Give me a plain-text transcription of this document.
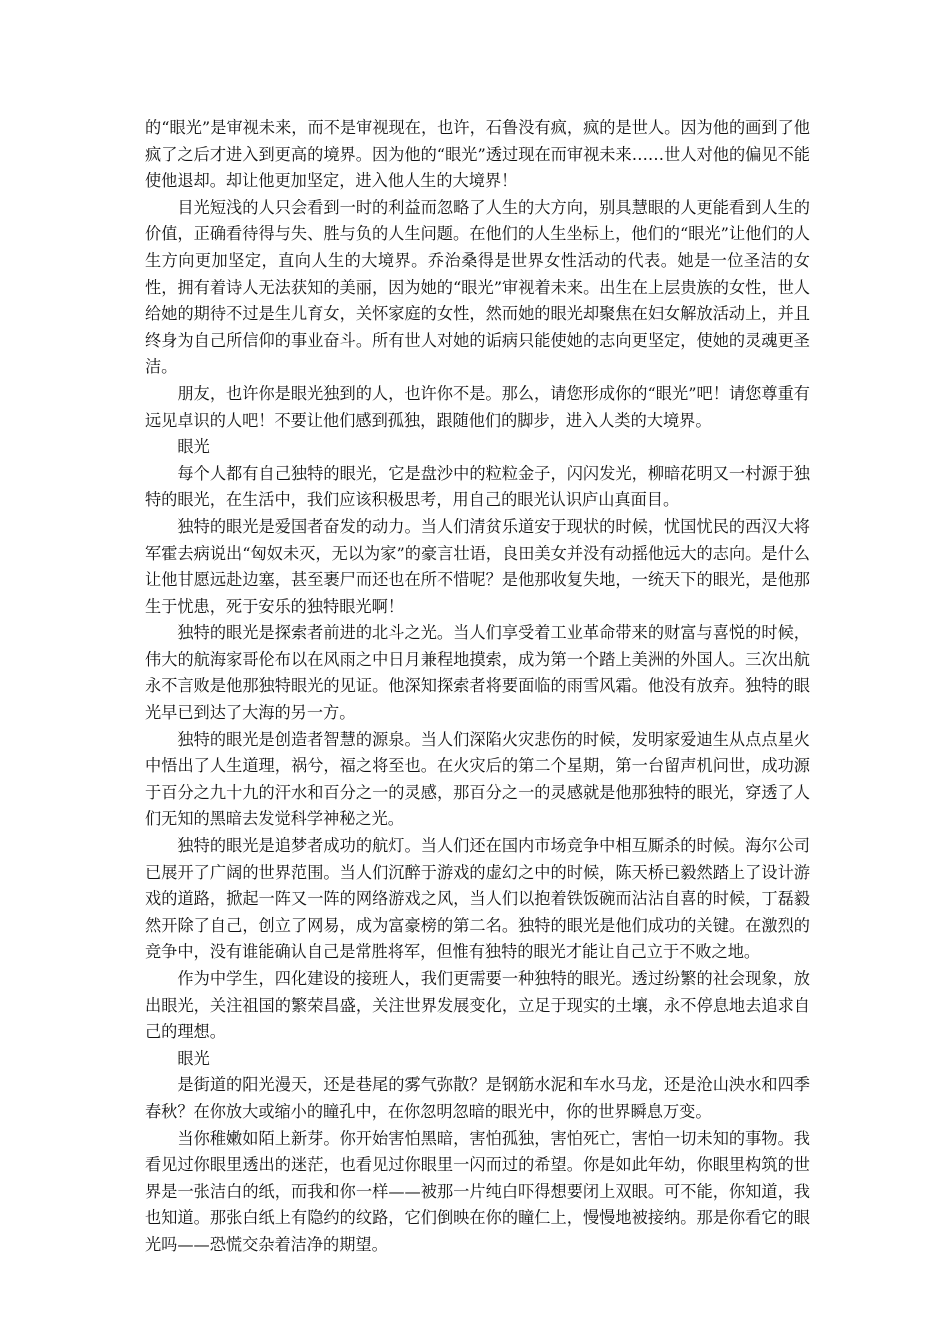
的“眼光”是审视未来，而不是审视现在，也许，石鲁没有疯，疯的是世人。因为他的画到了他疯了之后才进入到更高的境界。因为他的“眼光”透过现在而审视未来……世人对他的偏见不能使他退却。却让他更加坚定，进入他人生的大境界！

目光短浅的人只会看到一时的利益而忽略了人生的大方向，别具慧眼的人更能看到人生的价值，正确看待得与失、胜与负的人生问题。在他们的人生坐标上，他们的“眼光”让他们的人生方向更加坚定，直向人生的大境界。乔治桑得是世界女性活动的代表。她是一位圣洁的女性，拥有着诗人无法获知的美丽，因为她的“眼光”审视着未来。出生在上层贵族的女性，世人给她的期待不过是生儿育女，关怀家庭的女性，然而她的眼光却聚焦在妇女解放活动上，并且终身为自己所信仰的事业奋斗。所有世人对她的诟病只能使她的志向更坚定，使她的灵魂更圣洁。

朋友，也许你是眼光独到的人，也许你不是。那么，请您形成你的“眼光”吧！请您尊重有远见卓识的人吧！不要让他们感到孤独，跟随他们的脚步，进入人类的大境界。

眼光

每个人都有自己独特的眼光，它是盘沙中的粒粒金子，闪闪发光，柳暗花明又一村源于独特的眼光，在生活中，我们应该积极思考，用自己的眼光认识庐山真面目。

独特的眼光是爱国者奋发的动力。当人们清贫乐道安于现状的时候，忧国忧民的西汉大将军霍去病说出“匈奴未灭，无以为家”的豪言壮语，良田美女并没有动摇他远大的志向。是什么让他甘愿远赴边塞，甚至裹尸而还也在所不惜呢？是他那收复失地，一统天下的眼光，是他那生于忧患，死于安乐的独特眼光啊！

独特的眼光是探索者前进的北斗之光。当人们享受着工业革命带来的财富与喜悦的时候，伟大的航海家哥伦布以在风雨之中日月兼程地摸索，成为第一个踏上美洲的外国人。三次出航永不言败是他那独特眼光的见证。他深知探索者将要面临的雨雪风霜。他没有放弃。独特的眼光早已到达了大海的另一方。

独特的眼光是创造者智慧的源泉。当人们深陷火灾悲伤的时候，发明家爱迪生从点点星火中悟出了人生道理，祸兮，福之将至也。在火灾后的第二个星期，第一台留声机问世，成功源于百分之九十九的汗水和百分之一的灵感，那百分之一的灵感就是他那独特的眼光，穿透了人们无知的黑暗去发觉科学神秘之光。

独特的眼光是追梦者成功的航灯。当人们还在国内市场竞争中相互厮杀的时候。海尔公司已展开了广阔的世界范围。当人们沉醉于游戏的虚幻之中的时候，陈天桥已毅然踏上了设计游戏的道路，掀起一阵又一阵的网络游戏之风，当人们以抱着铁饭碗而沾沾自喜的时候，丁磊毅然开除了自己，创立了网易，成为富豪榜的第二名。独特的眼光是他们成功的关键。在激烈的竞争中，没有谁能确认自己是常胜将军，但惟有独特的眼光才能让自己立于不败之地。

作为中学生，四化建设的接班人，我们更需要一种独特的眼光。透过纷繁的社会现象，放出眼光，关注祖国的繁荣昌盛，关注世界发展变化，立足于现实的土壤，永不停息地去追求自己的理想。

眼光

是街道的阳光漫天，还是巷尾的雾气弥散？是钢筋水泥和车水马龙，还是沧山泱水和四季春秋？在你放大或缩小的瞳孔中，在你忽明忽暗的眼光中，你的世界瞬息万变。

当你稚嫩如陌上新芽。你开始害怕黑暗，害怕孤独，害怕死亡，害怕一切未知的事物。我看见过你眼里透出的迷茫，也看见过你眼里一闪而过的希望。你是如此年幼，你眼里构筑的世界是一张洁白的纸，而我和你一样——被那一片纯白吓得想要闭上双眼。可不能，你知道，我也知道。那张白纸上有隐约的纹路，它们倒映在你的瞳仁上，慢慢地被接纳。那是你看它的眼光吗——恐慌交杂着洁净的期望。
